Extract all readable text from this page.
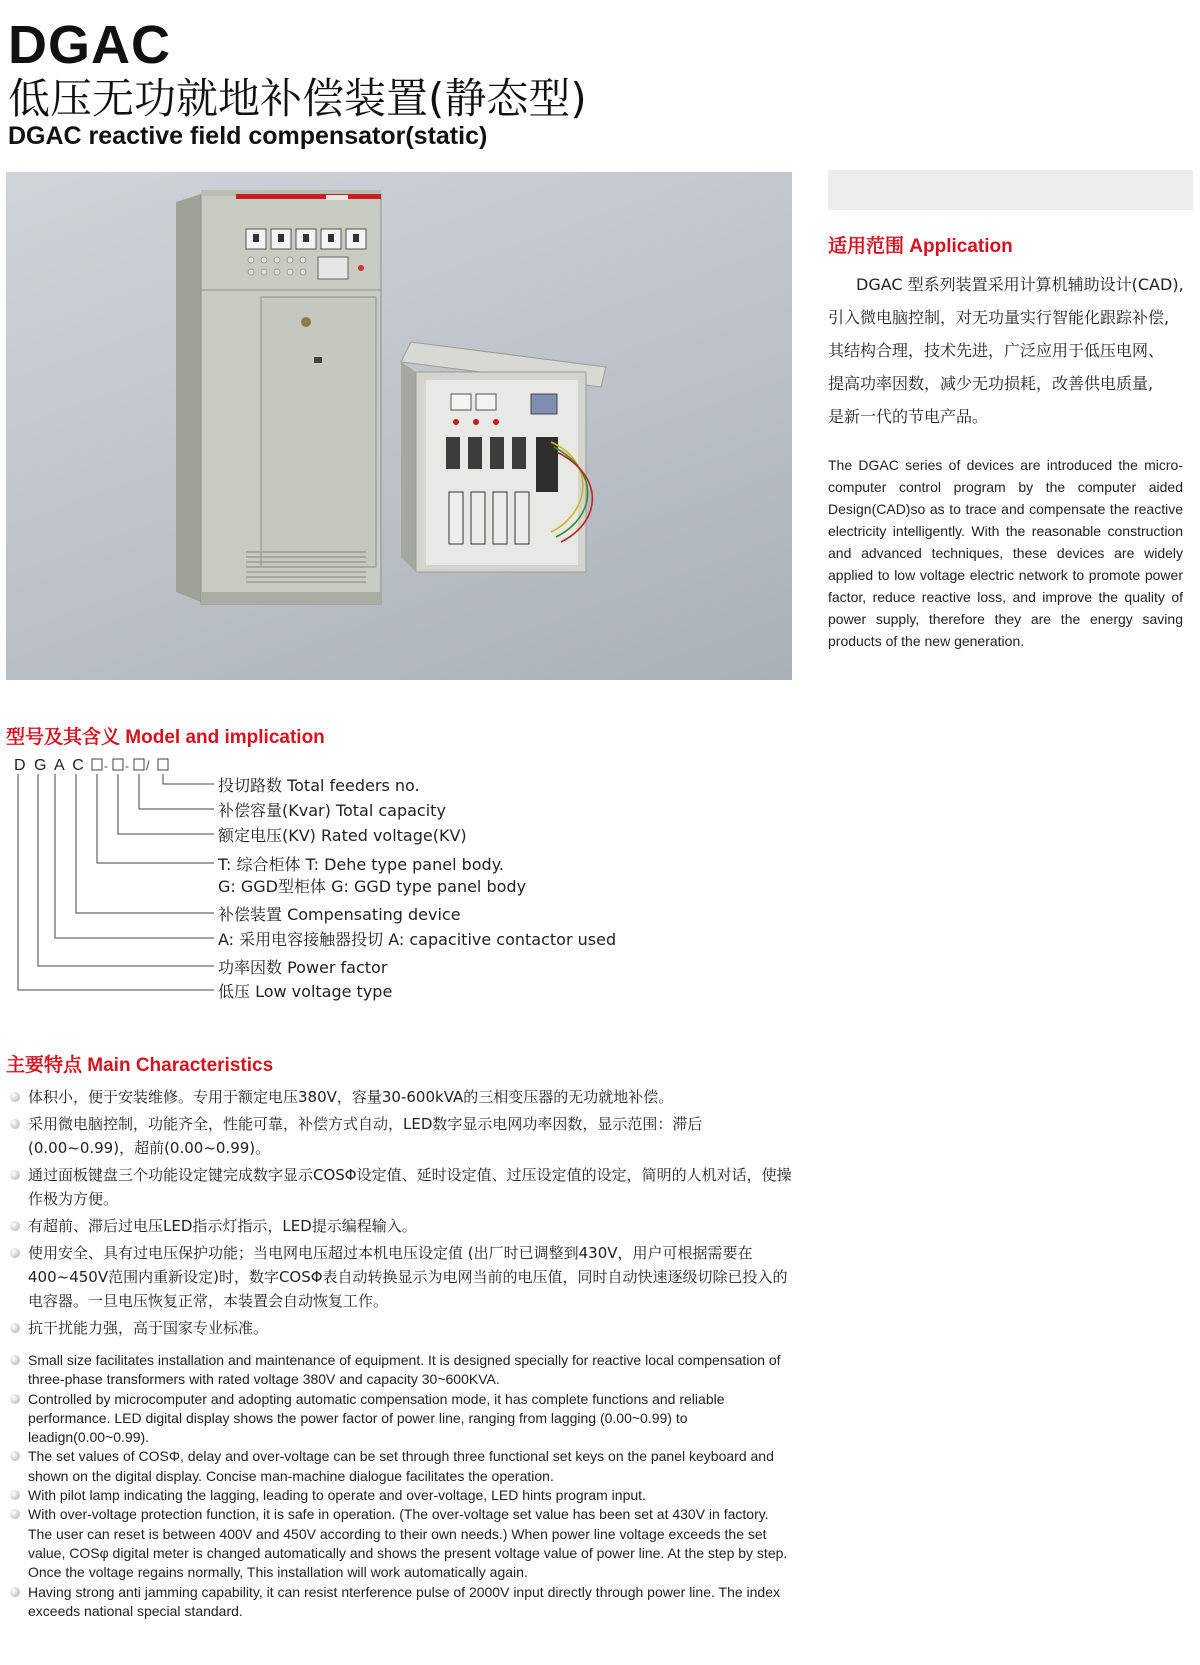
DGAC
低压无功就地补偿装置(静态型)
DGAC reactive field compensator(static)
适用范围 Application
DGAC 型系列装置采用计算机辅助设计(CAD),
引入微电脑控制，对无功量实行智能化跟踪补偿,
其结构合理，技术先进，广泛应用于低压电网、
提高功率因数，减少无功损耗，改善供电质量,
是新一代的节电产品。
The DGAC series of devices are introduced the micro-computer control program by the computer aided Design(CAD)so as to trace and compensate the reactive electricity intelligently. With the reasonable construction and advanced techniques, these devices are widely applied to low voltage electric network to promote power factor, reduce reactive loss, and improve the quality of power supply, therefore they are the energy saving products of the new generation.
型号及其含义 Model and implication
D G A C - - /
投切路数 Total feeders no.
补偿容量(Kvar) Total capacity
额定电压(KV) Rated voltage(KV)
T: 综合柜体 T: Dehe type panel body.
G: GGD型柜体 G: GGD type panel body
补偿装置 Compensating device
A: 采用电容接触器投切 A: capacitive contactor used
功率因数 Power factor
低压 Low voltage type
主要特点 Main Characteristics
体积小，便于安装维修。专用于额定电压380V，容量30-600kVA的三相变压器的无功就地补偿。
采用微电脑控制，功能齐全，性能可靠，补偿方式自动，LED数字显示电网功率因数，显示范围：滞后(0.00~0.99)，超前(0.00~0.99)。
通过面板键盘三个功能设定键完成数字显示COSΦ设定值、延时设定值、过压设定值的设定，简明的人机对话，使操作极为方便。
有超前、滞后过电压LED指示灯指示，LED提示编程输入。
使用安全、具有过电压保护功能；当电网电压超过本机电压设定值 (出厂时已调整到430V，用户可根据需要在400~450V范围内重新设定)时，数字COSΦ表自动转换显示为电网当前的电压值，同时自动快速逐级切除已投入的电容器。一旦电压恢复正常，本装置会自动恢复工作。
抗干扰能力强，高于国家专业标准。
Small size facilitates installation and maintenance of equipment. It is designed specially for reactive local compensation of three-phase transformers with rated voltage 380V and capacity 30~600KVA.
Controlled by microcomputer and adopting automatic compensation mode, it has complete functions and reliable performance. LED digital display shows the power factor of power line, ranging from lagging (0.00~0.99) to leadign(0.00~0.99).
The set values of COSΦ, delay and over-voltage can be set through three functional set keys on the panel keyboard and shown on the digital display. Concise man-machine dialogue facilitates the operation.
With pilot lamp indicating the lagging, leading to operate and over-voltage, LED hints program input.
With over-voltage protection function, it is safe in operation. (The over-voltage set value has been set at 430V in factory. The user can reset is between 400V and 450V according to their own needs.) When power line voltage exceeds the set value, COSφ digital meter is changed automatically and shows the present voltage value of power line. At the step by step. Once the voltage regains normally, This installation will work automatically again.
Having strong anti jamming capability, it can resist nterference pulse of 2000V input directly through power line. The index exceeds national special standard.
